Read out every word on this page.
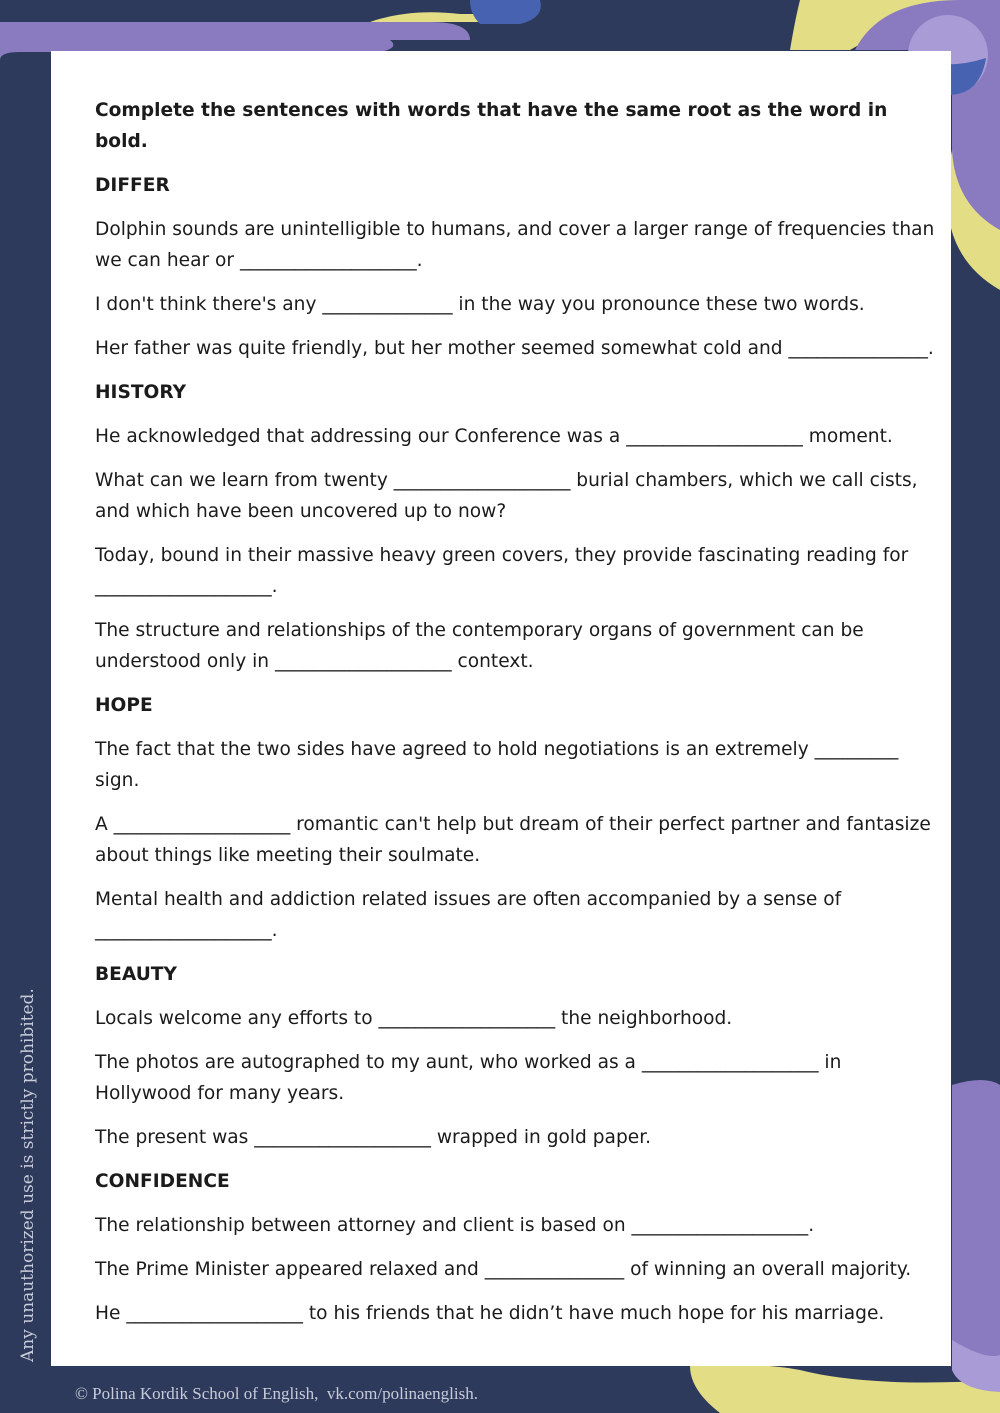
Complete the sentences with words that have the same root as the word in bold.

DIFFER

Dolphin sounds are unintelligible to humans, and cover a larger range of frequencies than we can hear or ___________________.

I don't think there's any ______________ in the way you pronounce these two words.

Her father was quite friendly, but her mother seemed somewhat cold and _______________.

HISTORY

He acknowledged that addressing our Conference was a ___________________ moment.

What can we learn from twenty ___________________ burial chambers, which we call cists, and which have been uncovered up to now?

Today, bound in their massive heavy green covers, they provide fascinating reading for ___________________.

The structure and relationships of the contemporary organs of government can be understood only in ___________________ context.

HOPE

The fact that the two sides have agreed to hold negotiations is an extremely _________ sign.

A ___________________ romantic can't help but dream of their perfect partner and fantasize about things like meeting their soulmate.

Mental health and addiction related issues are often accompanied by a sense of ___________________.

BEAUTY

Locals welcome any efforts to ___________________ the neighborhood.

The photos are autographed to my aunt, who worked as a ___________________ in Hollywood for many years.

The present was ___________________ wrapped in gold paper.

CONFIDENCE

The relationship between attorney and client is based on ___________________.

The Prime Minister appeared relaxed and _______________ of winning an overall majority.

He ___________________ to his friends that he didn’t have much hope for his marriage.

Any unauthorized use is strictly prohibited.
© Polina Kordik School of English,  vk.com/polinaenglish.
